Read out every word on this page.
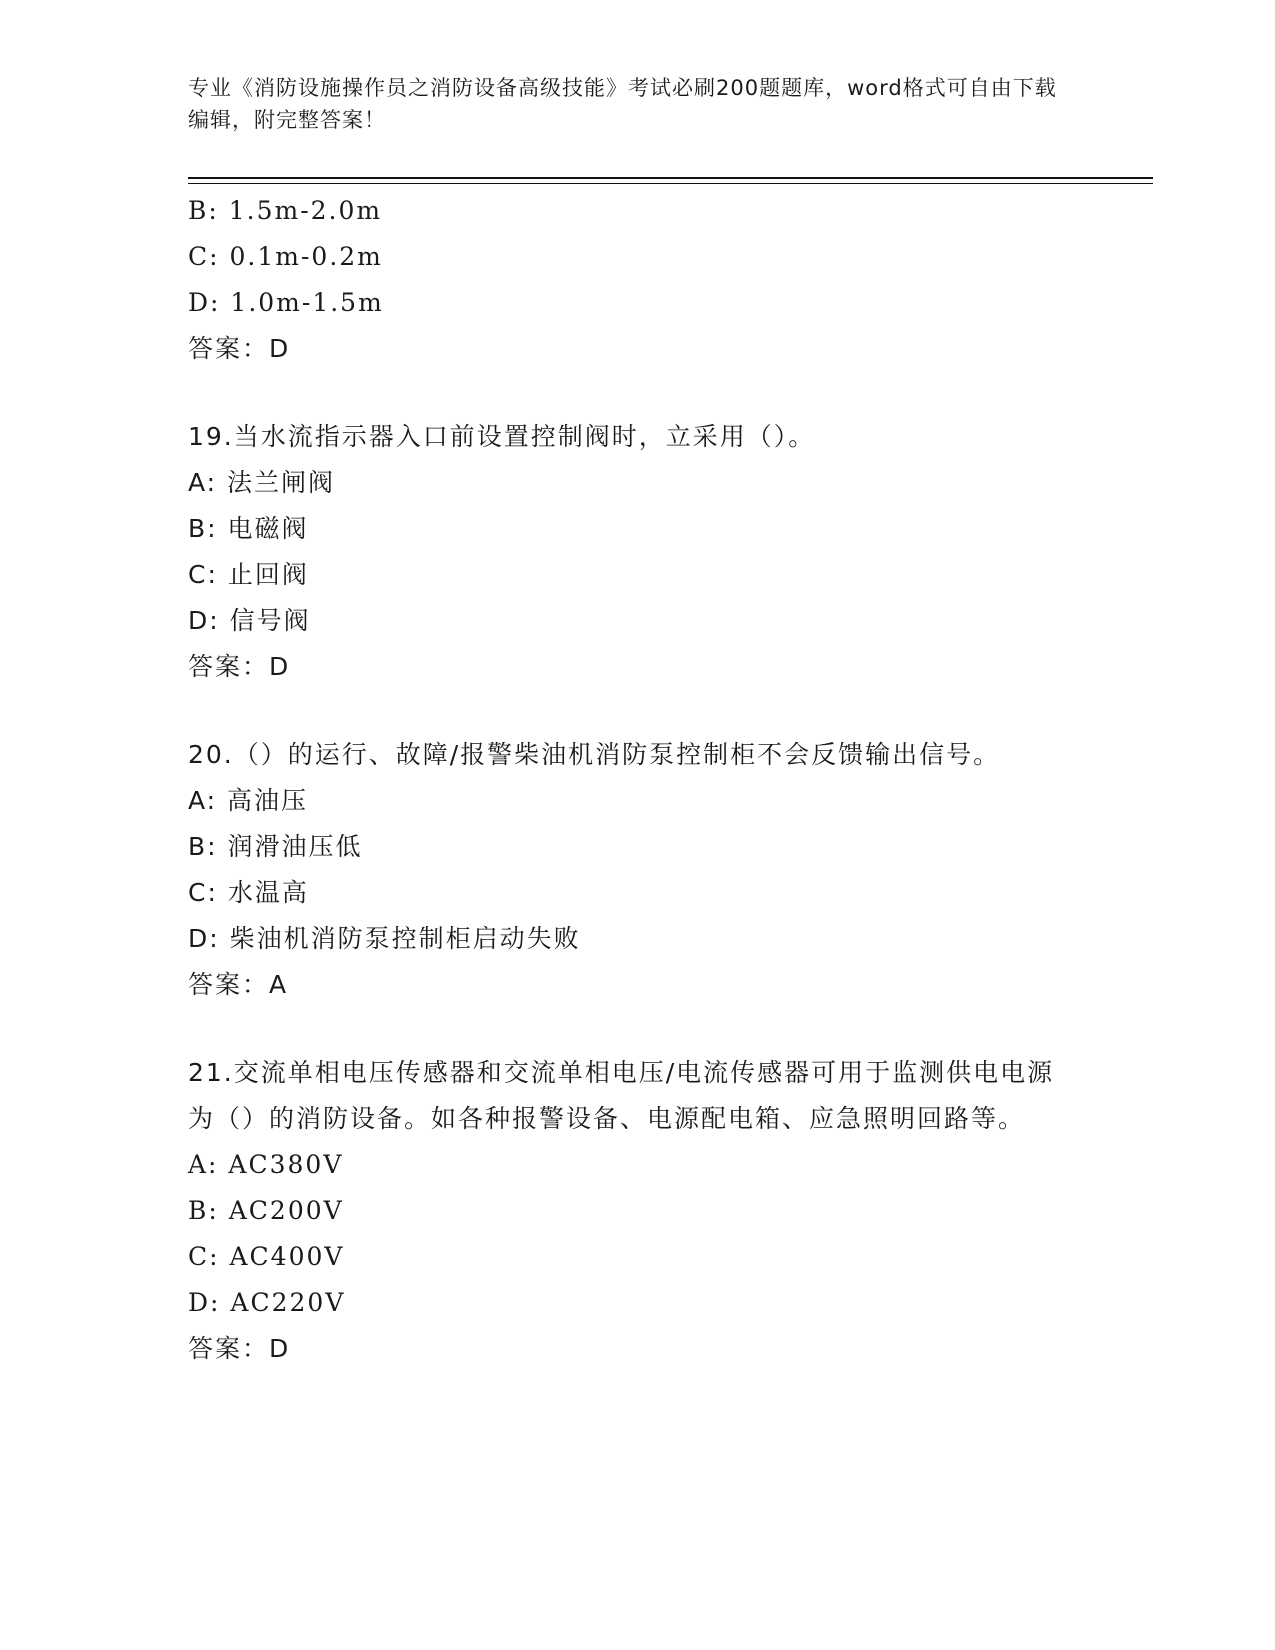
专业《消防设施操作员之消防设备高级技能》考试必刷200题题库，word格式可自由下载编辑，附完整答案！
B: 1.5m-2.0m
C: 0.1m-0.2m
D: 1.0m-1.5m
答案：D
19.当水流指示器入口前设置控制阀时，立采用（）。
A: 法兰闸阀
B: 电磁阀
C: 止回阀
D: 信号阀
答案：D
20.（）的运行、故障/报警柴油机消防泵控制柜不会反馈输出信号。
A: 高油压
B: 润滑油压低
C: 水温高
D: 柴油机消防泵控制柜启动失败
答案：A
21.交流单相电压传感器和交流单相电压/电流传感器可用于监测供电电源为（）的消防设备。如各种报警设备、电源配电箱、应急照明回路等。
A: AC380V
B: AC200V
C: AC400V
D: AC220V
答案：D
